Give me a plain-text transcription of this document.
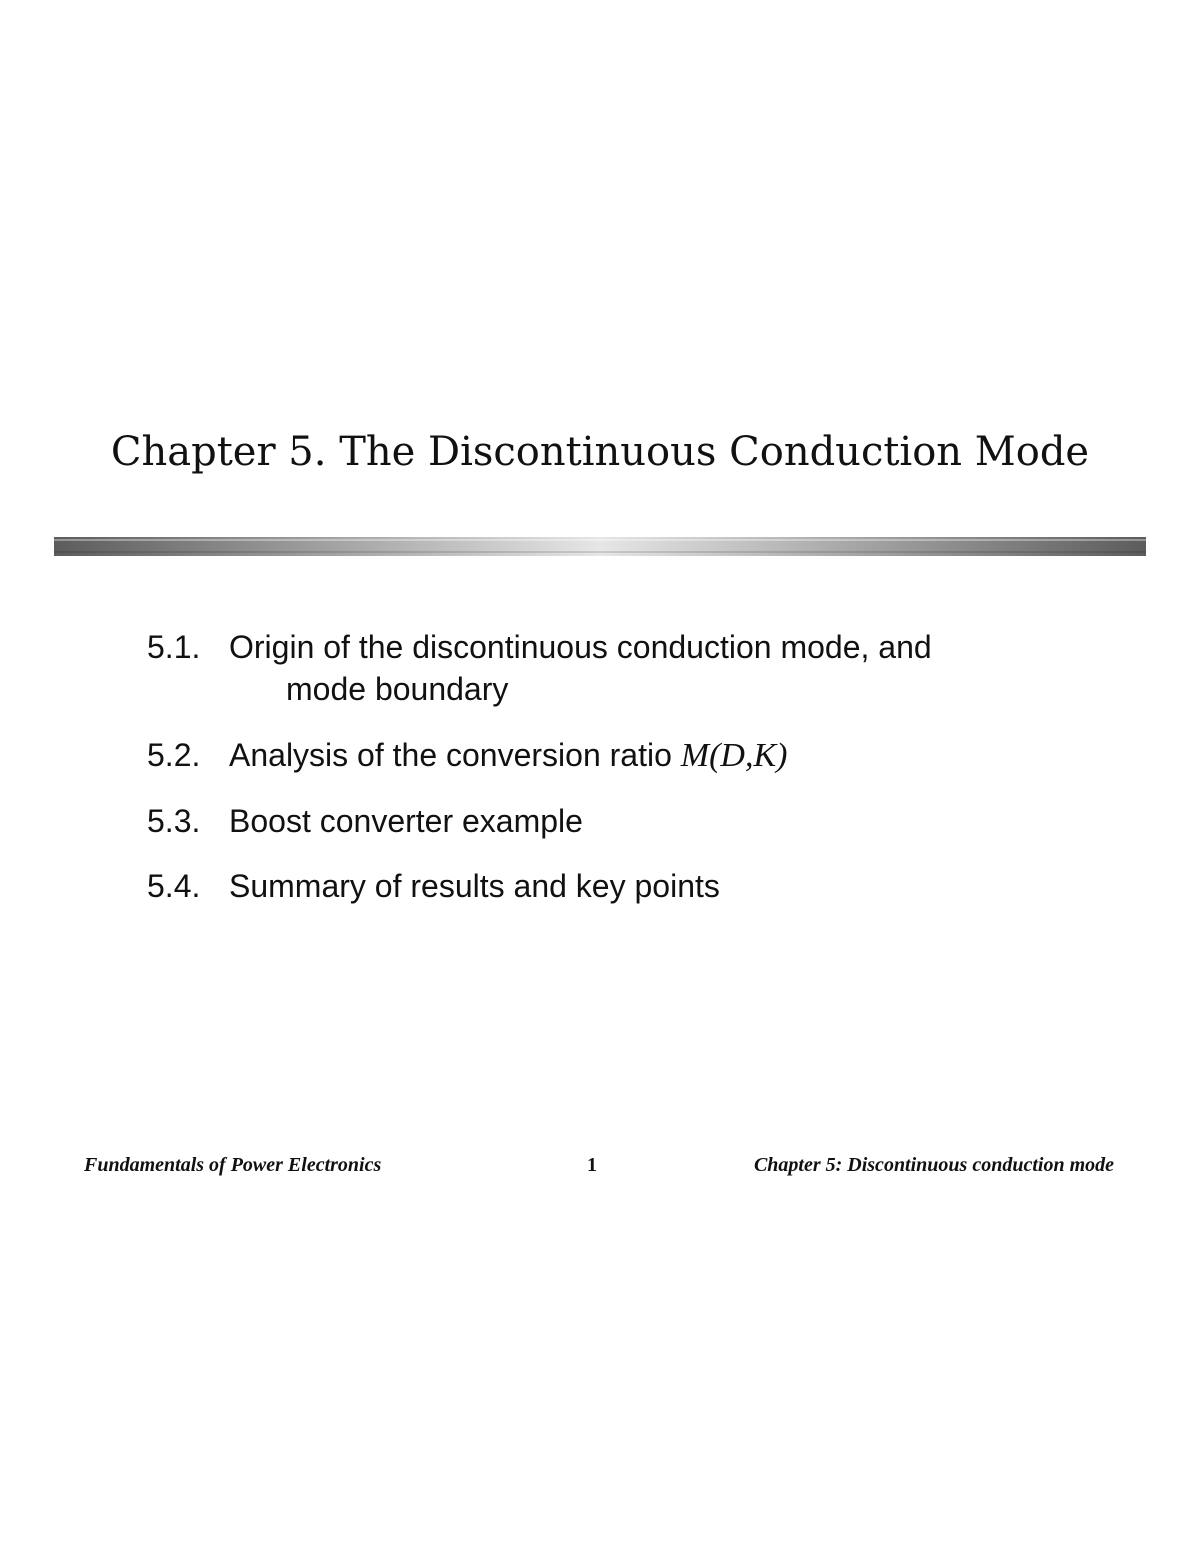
Chapter 5. The Discontinuous Conduction Mode
5.1. Origin of the discontinuous conduction mode, and
mode boundary
5.2. Analysis of the conversion ratio M(D,K)
5.3. Boost converter example
5.4. Summary of results and key points
Fundamentals of Power Electronics	1	Chapter 5: Discontinuous conduction mode
